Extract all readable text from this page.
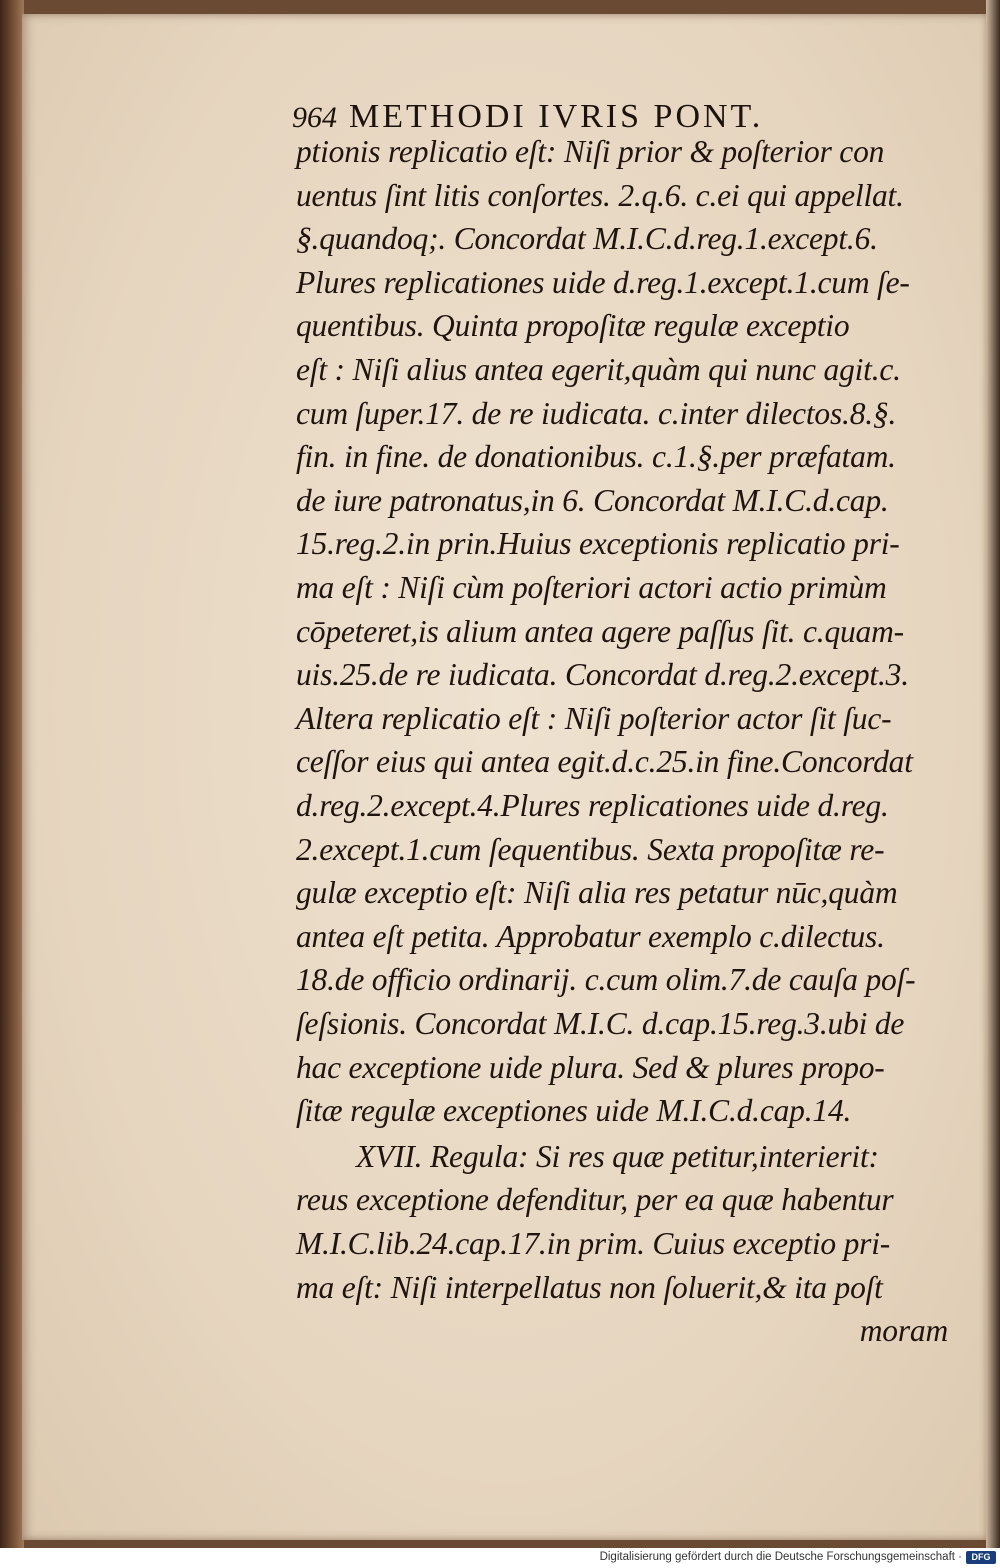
964 METHODI IVRIS PONT.
ptionis replicatio eſt: Niſi prior & poſterior con
uentus ſint litis conſortes. 2.q.6. c.ei qui appellat.
§.quandoq;. Concordat M.I.C.d.reg.1.except.6.
Plures replicationes uide d.reg.1.except.1.cum ſe-
quentibus. Quinta propoſitæ regulæ exceptio
eſt : Niſi alius antea egerit,quàm qui nunc agit.c.
cum ſuper.17. de re iudicata. c.inter dilectos.8.§.
fin. in fine. de donationibus. c.1.§.per præfatam.
de iure patronatus,in 6. Concordat M.I.C.d.cap.
15.reg.2.in prin.Huius exceptionis replicatio pri-
ma eſt : Niſi cùm poſteriori actori actio primùm
cōpeteret,is alium antea agere paſſus ſit. c.quam-
uis.25.de re iudicata. Concordat d.reg.2.except.3.
Altera replicatio eſt : Niſi poſterior actor ſit ſuc-
ceſſor eius qui antea egit.d.c.25.in fine.Concordat
d.reg.2.except.4.Plures replicationes uide d.reg.
2.except.1.cum ſequentibus. Sexta propoſitæ re-
gulæ exceptio eſt: Niſi alia res petatur nūc,quàm
antea eſt petita. Approbatur exemplo c.dilectus.
18.de officio ordinarij. c.cum olim.7.de cauſa poſ-
ſeſsionis. Concordat M.I.C. d.cap.15.reg.3.ubi de
hac exceptione uide plura. Sed & plures propo-
ſitæ regulæ exceptiones uide M.I.C.d.cap.14.
XVII. Regula: Si res quæ petitur,interierit:
reus exceptione defenditur, per ea quæ habentur
M.I.C.lib.24.cap.17.in prim. Cuius exceptio pri-
ma eſt: Niſi interpellatus non ſoluerit,& ita poſt
moram
Digitalisierung gefördert durch die Deutsche Forschungsgemeinschaft ·	DFG
